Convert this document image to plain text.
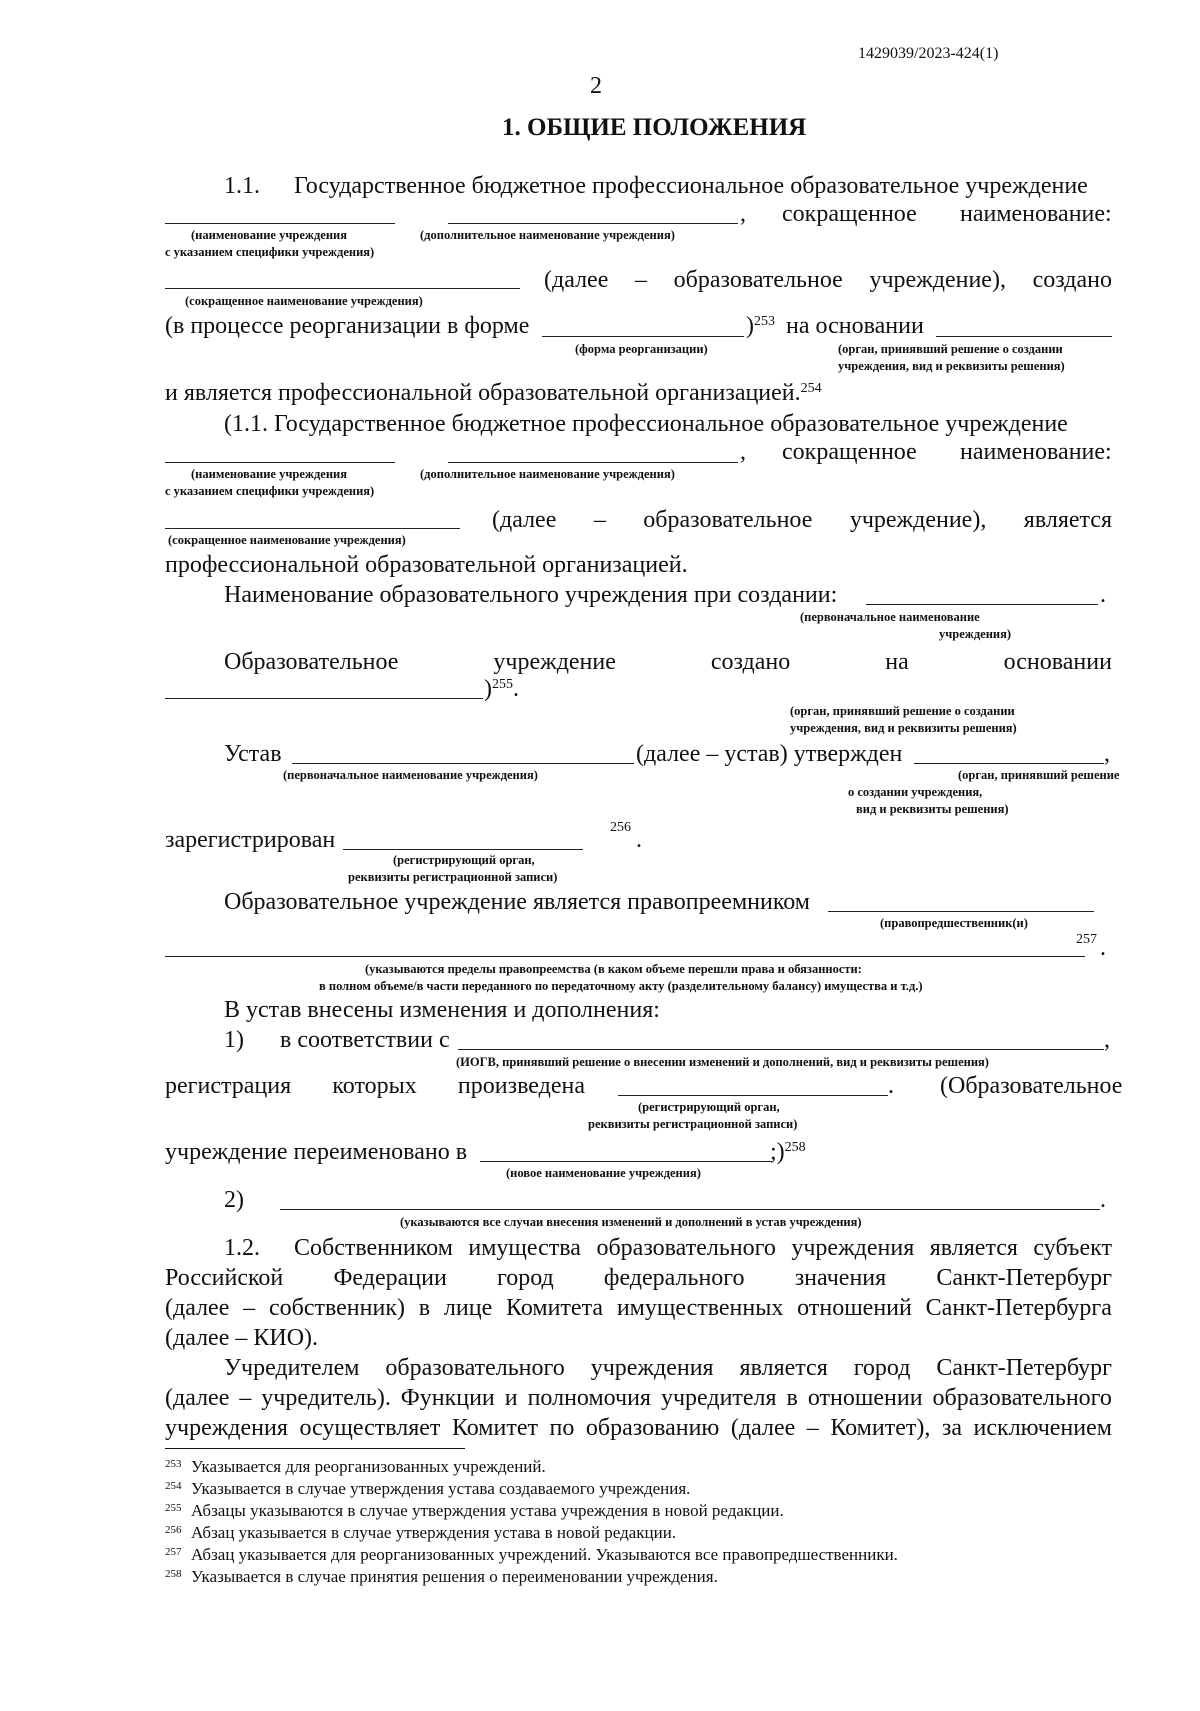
1429039/2023-424(1)
2
1. ОБЩИЕ ПОЛОЖЕНИЯ
1.1. Государственное бюджетное профессиональное образовательное учреждение
, сокращенное наименование:
(наименование учреждения
с указанием специфики учреждения)
(дополнительное наименование учреждения)
(далее – образовательное учреждение), создано
(сокращенное наименование учреждения)
(в процессе реорганизации в форме	)$^{253}$ на основании
(форма реорганизации)	(орган, принявший решение о создании
учреждения, вид и реквизиты решения)
и является профессиональной образовательной организацией.$^{254}$
(1.1. Государственное бюджетное профессиональное образовательное учреждение
, сокращенное наименование:
(наименование учреждения
с указанием специфики учреждения)
(дополнительное наименование учреждения)
(далее – образовательное учреждение), является
(сокращенное наименование учреждения)
профессиональной образовательной организацией.
Наименование образовательного учреждения при создании:	.
(первоначальное наименование
учреждения)
Образовательное	учреждение	создано	на	основании
)$^{255}$.
(орган, принявший решение о создании
учреждения, вид и реквизиты решения)
Устав	(далее – устав) утвержден	,
(первоначальное наименование учреждения)	(орган, принявший решение
о создании учреждения,
вид и реквизиты решения)
зарегистрирован	256 .
(регистрирующий орган,
реквизиты регистрационной записи)
Образовательное учреждение является правопреемником
(правопредшественник(и)
257 .
(указываются пределы правопреемства (в каком объеме перешли права и обязанности:
в полном объеме/в части переданного по передаточному акту (разделительному балансу) имущества и т.д.)
В устав внесены изменения и дополнения:
1) в соответствии с	,
(ИОГВ, принявший решение о внесении изменений и дополнений, вид и реквизиты решения)
регистрация которых произведена	. (Образовательное
(регистрирующий орган,
реквизиты регистрационной записи)
учреждение переименовано в	;)$^{258}$
(новое наименование учреждения)
2)	.
(указываются все случаи внесения изменений и дополнений в устав учреждения)
1.2. Собственником имущества образовательного учреждения является субъект
Российской Федерации город федерального значения Санкт-Петербург
(далее – собственник) в лице Комитета имущественных отношений Санкт-Петербурга
(далее – КИО).
Учредителем образовательного учреждения является город Санкт-Петербург
(далее – учредитель). Функции и полномочия учредителя в отношении образовательного
учреждения осуществляет Комитет по образованию (далее – Комитет), за исключением
253 Указывается для реорганизованных учреждений.
254 Указывается в случае утверждения устава создаваемого учреждения.
255 Абзацы указываются в случае утверждения устава учреждения в новой редакции.
256 Абзац указывается в случае утверждения устава в новой редакции.
257 Абзац указывается для реорганизованных учреждений. Указываются все правопредшественники.
258 Указывается в случае принятия решения о переименовании учреждения.
